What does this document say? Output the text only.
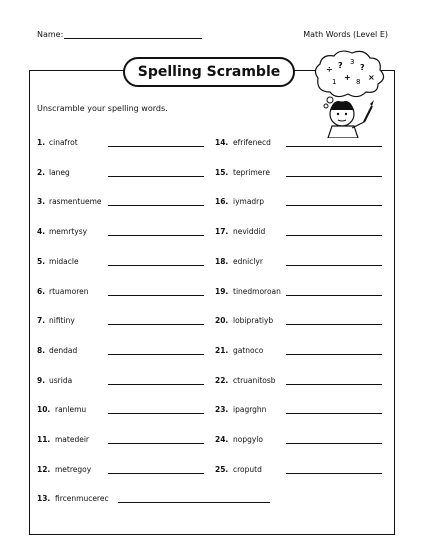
Name:	Math Words (Level E)
Spelling Scramble	÷ ? 3
?
1 + 8 ×
Unscramble your spelling words.
1. cinafrot
2. laneg
3. rasmentueme
4. memrtysy
5. midacle
6. rtuamoren
7. nifitiny
8. dendad
9. usrida
10. ranlemu
11. matedeir
12. metregoy
13. fircenmucerec
14. efrifenecd
15. teprimere
16. iymadrp
17. neviddid
18. edniclyr
19. tinedmoroan
20. lobipratiyb
21. gatnoco
22. ctruanitosb
23. ipagrghn
24. nopgylo
25. croputd
